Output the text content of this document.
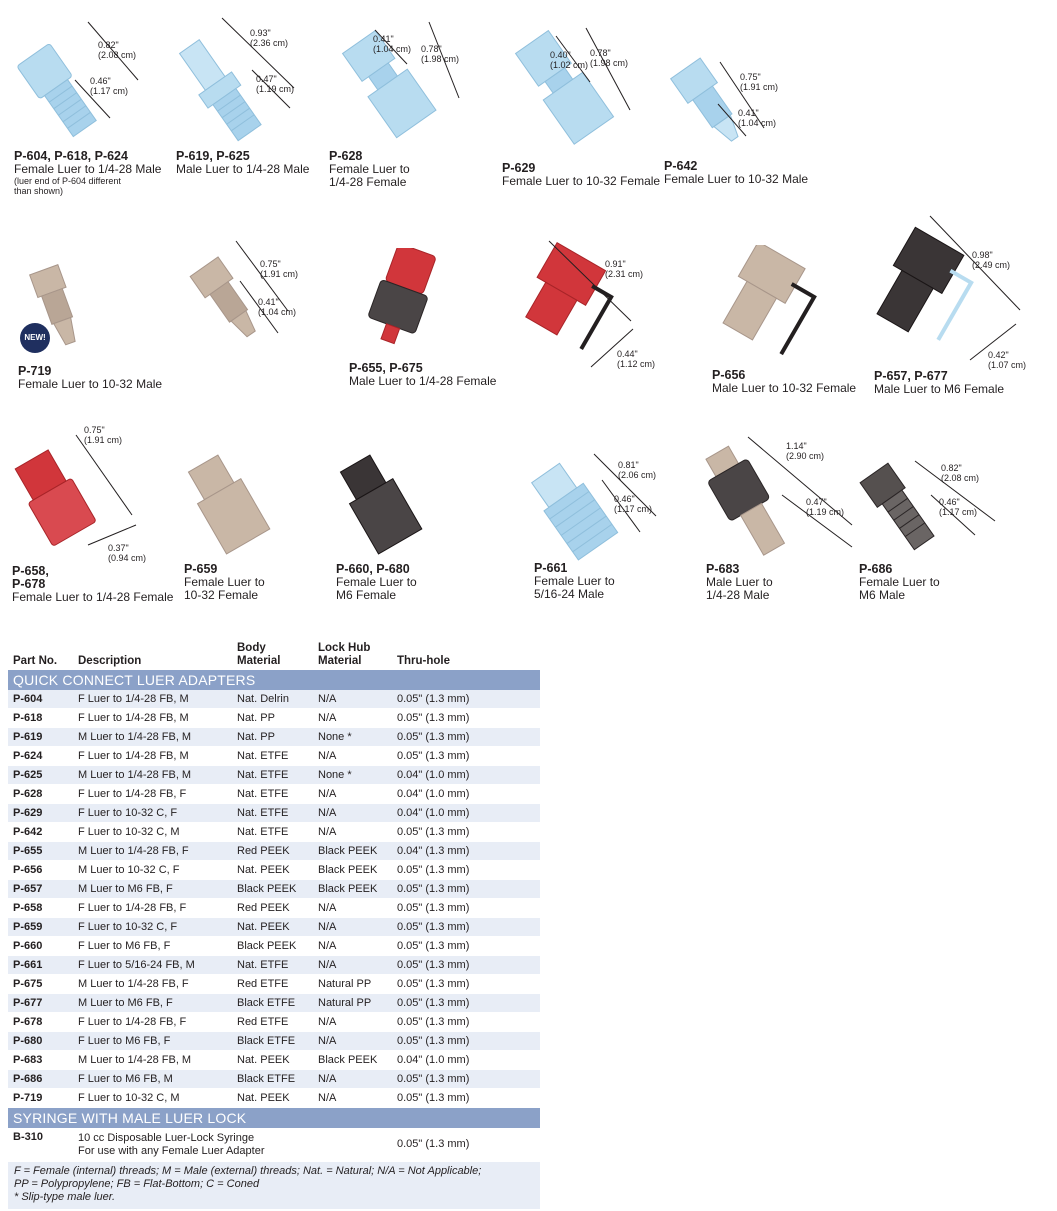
0.82"
(2.08 cm)
0.46"
(1.17 cm)
P-604, P-618, P-624
Female Luer to 1/4-28 Male
(luer end of P-604 different
than shown)
0.93"
(2.36 cm)
0.47"
(1.19 cm)
P-619, P-625
Male Luer to 1/4-28 Male
0.41"
(1.04 cm) 0.78"
(1.98 cm)
P-628
Female Luer to
1/4-28 Female
0.40"
(1.02 cm)
0.78"
(1.98 cm)
P-629
Female Luer to 10-32 Female
0.75"
(1.91 cm)
0.41"
(1.04 cm)
P-642
Female Luer to 10-32 Male
NEW!
P-719
Female Luer to 10-32 Male
0.75"
(1.91 cm)
0.41"
(1.04 cm)
P-655, P-675
Male Luer to 1/4-28 Female
0.91"
(2.31 cm)
0.44"
(1.12 cm)
P-656
Male Luer to 10-32 Female
0.98"
(2.49 cm)
0.42"
(1.07 cm)
P-657, P-677
Male Luer to M6 Female
0.75"
(1.91 cm)
0.37"
(0.94 cm)
P-658,
P-678
Female Luer to 1/4-28 Female
P-659
Female Luer to
10-32 Female
P-660, P-680
Female Luer to
M6 Female
0.81"
(2.06 cm)
0.46"
(1.17 cm)
P-661
Female Luer to
5/16-24 Male
1.14"
(2.90 cm)
0.47"
(1.19 cm)
P-683
Male Luer to
1/4-28 Male
0.82"
(2.08 cm)
0.46"
(1.17 cm)
P-686
Female Luer to
M6 Male
Part No.	Description	Body
Material	Lock Hub
Material	Thru-hole
QUICK CONNECT LUER ADAPTERS				
P-604	F Luer to 1/4-28 FB, M	Nat. Delrin	N/A	0.05" (1.3 mm)
P-618	F Luer to 1/4-28 FB, M	Nat. PP	N/A	0.05" (1.3 mm)
P-619	M Luer to 1/4-28 FB, M	Nat. PP	None *	0.05" (1.3 mm)
P-624	F Luer to 1/4-28 FB, M	Nat. ETFE	N/A	0.05" (1.3 mm)
P-625	M Luer to 1/4-28 FB, M	Nat. ETFE	None *	0.04" (1.0 mm)
P-628	F Luer to 1/4-28 FB, F	Nat. ETFE	N/A	0.04" (1.0 mm)
P-629	F Luer to 10-32 C, F	Nat. ETFE	N/A	0.04" (1.0 mm)
P-642	F Luer to 10-32 C, M	Nat. ETFE	N/A	0.05" (1.3 mm)
P-655	M Luer to 1/4-28 FB, F	Red PEEK	Black PEEK	0.04" (1.3 mm)
P-656	M Luer to 10-32 C, F	Nat. PEEK	Black PEEK	0.05" (1.3 mm)
P-657	M Luer to M6 FB, F	Black PEEK	Black PEEK	0.05" (1.3 mm)
P-658	F Luer to 1/4-28 FB, F	Red PEEK	N/A	0.05" (1.3 mm)
P-659	F Luer to 10-32 C, F	Nat. PEEK	N/A	0.05" (1.3 mm)
P-660	F Luer to M6 FB, F	Black PEEK	N/A	0.05" (1.3 mm)
P-661	F Luer to 5/16-24 FB, M	Nat. ETFE	N/A	0.05" (1.3 mm)
P-675	M Luer to 1/4-28 FB, F	Red ETFE	Natural PP	0.05" (1.3 mm)
P-677	M Luer to M6 FB, F	Black ETFE	Natural PP	0.05" (1.3 mm)
P-678	F Luer to 1/4-28 FB, F	Red ETFE	N/A	0.05" (1.3 mm)
P-680	F Luer to M6 FB, F	Black ETFE	N/A	0.05" (1.3 mm)
P-683	M Luer to 1/4-28 FB, M	Nat. PEEK	Black PEEK	0.04" (1.0 mm)
P-686	F Luer to M6 FB, M	Black ETFE	N/A	0.05" (1.3 mm)
P-719	F Luer to 10-32 C, M	Nat. PEEK	N/A	0.05" (1.3 mm)
SYRINGE WITH MALE LUER LOCK				
B-310	10 cc Disposable Luer-Lock Syringe
For use with any Female Luer Adapter			0.05" (1.3 mm)
F = Female (internal) threads; M = Male (external) threads; Nat. = Natural; N/A = Not Applicable;
PP = Polypropylene; FB = Flat-Bottom; C = Coned
* Slip-type male luer.
